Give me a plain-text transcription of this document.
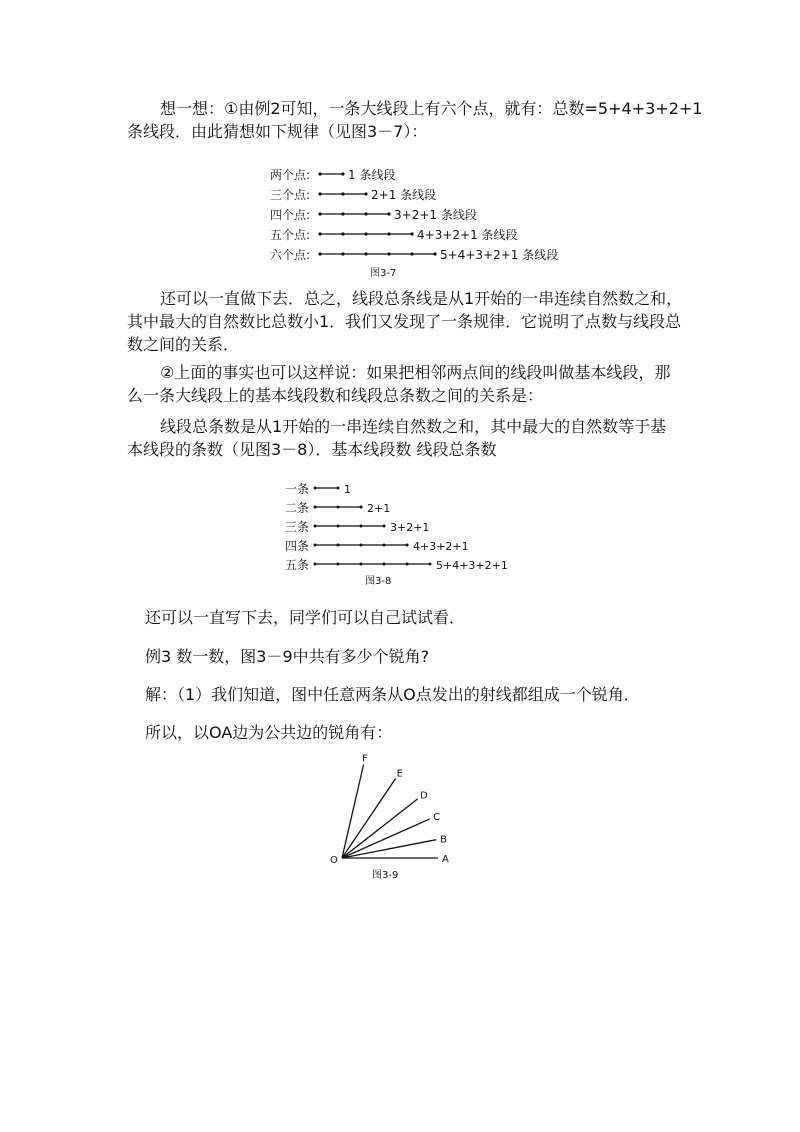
想一想：①由例2可知，一条大线段上有六个点，就有：总数=5+4+3+2+1

条线段．由此猜想如下规律（见图3－7）：

两个点:	1 条线段
三个点:	2+1 条线段
四个点:	3+2+1 条线段
五个点:	4+3+2+1 条线段
六个点:	5+4+3+2+1 条线段
图3-7

还可以一直做下去．总之，线段总条线是从1开始的一串连续自然数之和，

其中最大的自然数比总数小1．我们又发现了一条规律．它说明了点数与线段总

数之间的关系．

②上面的事实也可以这样说：如果把相邻两点间的线段叫做基本线段，那

么一条大线段上的基本线段数和线段总条数之间的关系是：

线段总条数是从1开始的一串连续自然数之和，其中最大的自然数等于基

本线段的条数（见图3－8）．基本线段数 线段总条数

一条	1
二条	2+1
三条	3+2+1
四条	4+3+2+1
五条	5+4+3+2+1
图3-8

还可以一直写下去，同学们可以自己试试看．

例3 数一数，图3－9中共有多少个锐角?

解：（1）我们知道，图中任意两条从O点发出的射线都组成一个锐角．

所以，以OA边为公共边的锐角有：

A
B
C
D
E
F
O
图3-9
